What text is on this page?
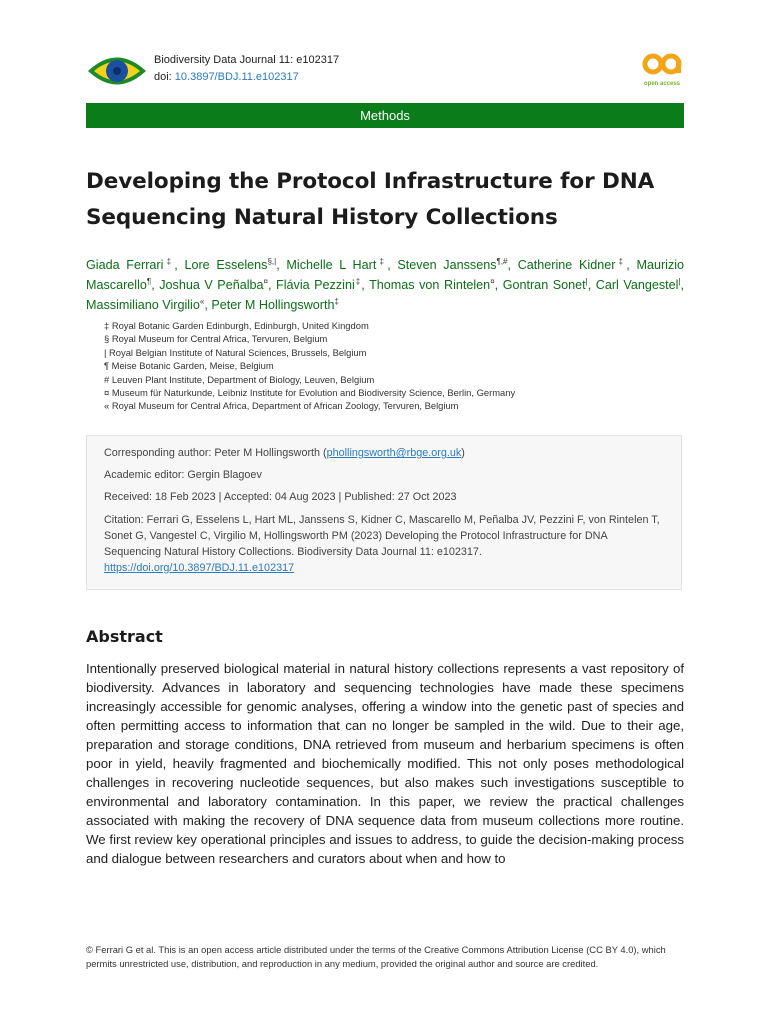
Biodiversity Data Journal 11: e102317
doi: 10.3897/BDJ.11.e102317
open access
Methods
Developing the Protocol Infrastructure for DNA Sequencing Natural History Collections

Giada Ferrari‡, Lore Esselens§,|, Michelle L Hart‡, Steven Janssens¶,#, Catherine Kidner‡, Maurizio Mascarello¶, Joshua V Peñalba¤, Flávia Pezzini‡, Thomas von Rintelen¤, Gontran Sonet|, Carl Vangestel|, Massimiliano Virgilio«, Peter M Hollingsworth‡

‡ Royal Botanic Garden Edinburgh, Edinburgh, United Kingdom
§ Royal Museum for Central Africa, Tervuren, Belgium
| Royal Belgian Institute of Natural Sciences, Brussels, Belgium
¶ Meise Botanic Garden, Meise, Belgium
# Leuven Plant Institute, Department of Biology, Leuven, Belgium
¤ Museum für Naturkunde, Leibniz Institute for Evolution and Biodiversity Science, Berlin, Germany
« Royal Museum for Central Africa, Department of African Zoology, Tervuren, Belgium

Corresponding author: Peter M Hollingsworth (phollingsworth@rbge.org.uk)

Academic editor: Gergin Blagoev

Received: 18 Feb 2023 | Accepted: 04 Aug 2023 | Published: 27 Oct 2023

Citation: Ferrari G, Esselens L, Hart ML, Janssens S, Kidner C, Mascarello M, Peñalba JV, Pezzini F, von Rintelen T, Sonet G, Vangestel C, Virgilio M, Hollingsworth PM (2023) Developing the Protocol Infrastructure for DNA Sequencing Natural History Collections. Biodiversity Data Journal 11: e102317.
https://doi.org/10.3897/BDJ.11.e102317

Abstract

Intentionally preserved biological material in natural history collections represents a vast repository of biodiversity. Advances in laboratory and sequencing technologies have made these specimens increasingly accessible for genomic analyses, offering a window into the genetic past of species and often permitting access to information that can no longer be sampled in the wild. Due to their age, preparation and storage conditions, DNA retrieved from museum and herbarium specimens is often poor in yield, heavily fragmented and biochemically modified. This not only poses methodological challenges in recovering nucleotide sequences, but also makes such investigations susceptible to environmental and laboratory contamination. In this paper, we review the practical challenges associated with making the recovery of DNA sequence data from museum collections more routine. We first review key operational principles and issues to address, to guide the decision-making process and dialogue between researchers and curators about when and how to

© Ferrari G et al. This is an open access article distributed under the terms of the Creative Commons Attribution License (CC BY 4.0), which permits unrestricted use, distribution, and reproduction in any medium, provided the original author and source are credited.
